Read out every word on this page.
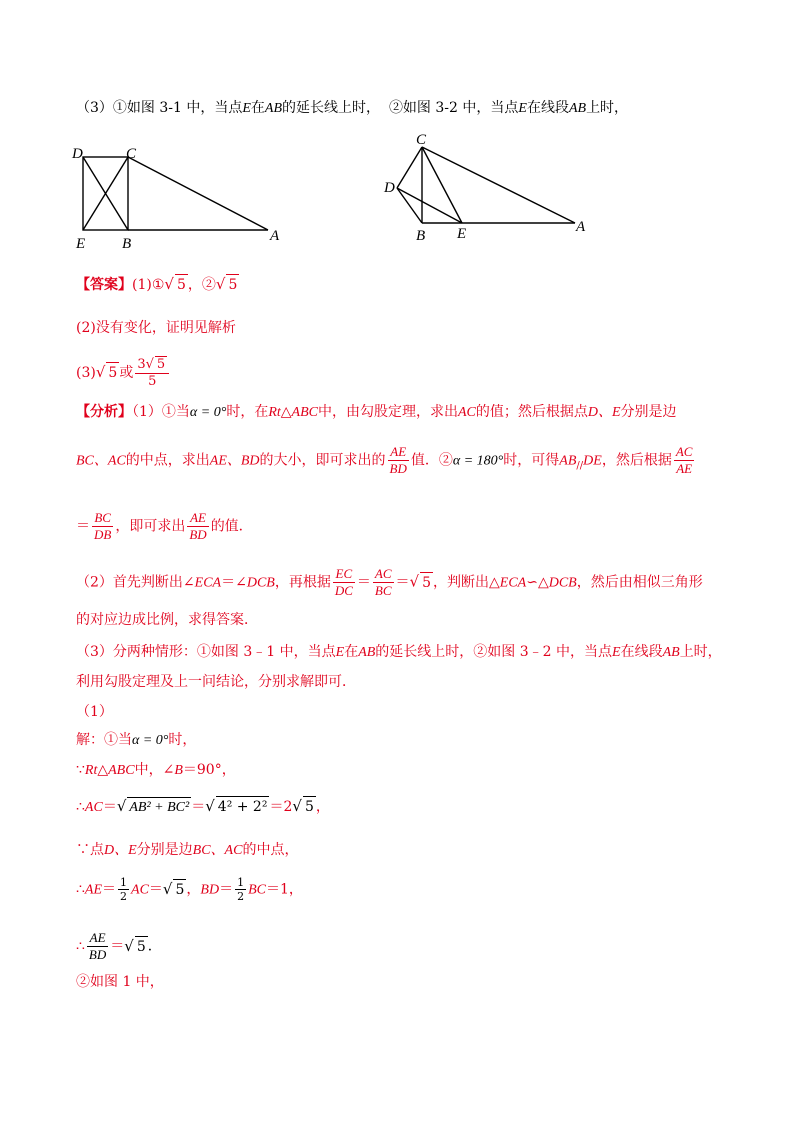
（3）①如图 3-1 中，当点E在AB的延长线上时， ②如图 3-2 中，当点E在线段AB上时，
D	C
E B	A
C
D
B E	A
【答案】(1)①√ 5 ，②√ 5
(2)没有变化，证明见解析
(3)√ 5 或 $\frac{3√ 5}{5}$
【分析】（1）①当α = 0°时，在Rt△ABC中，由勾股定理，求出AC的值；然后根据点D、E分别是边
BC、AC的中点，求出AE、BD的大小，即可求出的 $\frac{AE}{BD}$ 值．②α = 180°时，可得$AB_{//}DE$，然后根据 $\frac{AC}{AE}$
＝ $\frac{BC}{DB}$ ，即可求出 $\frac{AE}{BD}$ 的值．
（2）首先判断出∠ECA＝∠DCB，再根据 $\frac{EC}{DC} = \frac{AC}{BC}$ ＝√ 5 ，判断出△ECA∽△DCB，然后由相似三角形
的对应边成比例，求得答案．
（3）分两种情形：①如图 3﹣1 中，当点E在AB的延长线上时，②如图 3﹣2 中，当点E在线段AB上时，
利用勾股定理及上一问结论，分别求解即可．
（1）
解：①当α = 0°时，
∵Rt△ABC中，∠B＝90°，
∴AC＝√ AB² + BC² ＝√ 4² + 2² ＝2√ 5 ，
∵点D、E分别是边BC、AC的中点，
∴AE＝ $\frac{1}{2} AC=√$ 5 ，$BD= \frac{1}{2} BC=1$，
∴ $\frac{AE}{BD}$ ＝√ 5 ．
②如图 1 中，
